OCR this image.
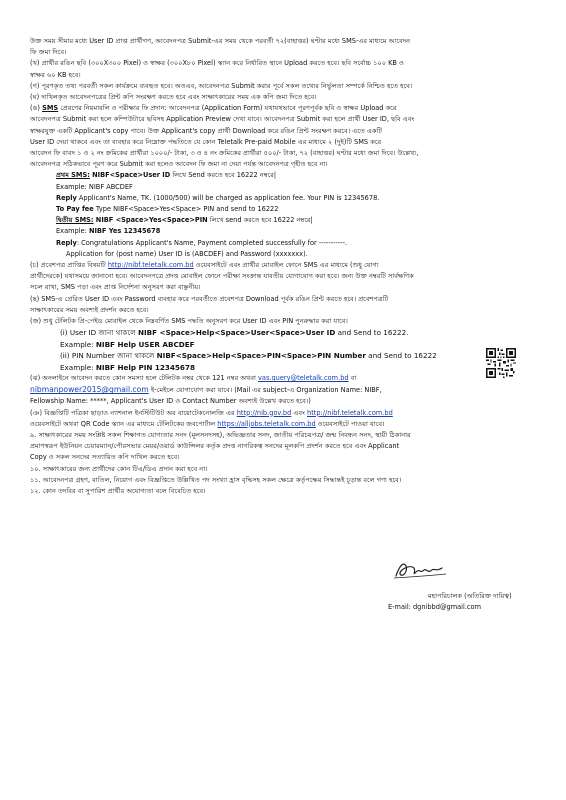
উক্ত সময় সীমার মধ্যে User ID প্রাপ্ত প্রার্থীগণ, আবেদনপত্র Submit-এর সময় থেকে পরবর্তী ৭২(বাহাত্তর) ঘণ্টার মধ্যে SMS-এর মাধ্যমে আবেদন

ফি জমা দিবে।

(খ) প্রার্থীর রঙিন ছবি (৩০০X৩০০ Pixel) ও স্বাক্ষর (৩০০X৮০ Pixel) স্ক্যান করে নির্ধারিত স্থানে Upload করতে হবে। ছবি সর্বোচ্চ ১০০ KB ও

স্বাক্ষর ৬০ KB হবে।

(গ) পূরণকৃত তথ্য পরবর্তী সকল কার্যক্রমে ব্যবহৃত হবে। অতএব, আবেদনপত্র Submit করার পূর্বে সকল তথ্যের নির্ভুলতা সম্পর্কে নিশ্চিত হতে হবে।

(ঘ) দাখিলকৃত আবেদনপত্রের প্রিন্ট কপি সংরক্ষণ করতে হবে এবং সাক্ষাৎকারের সময় এক কপি জমা দিতে হবে।

(ঙ) SMS প্রেরণের নিয়মাবলি ও পরীক্ষার ফি প্রদান: আবেদনপত্র (Application Form) যথাযথভাবে পূরণপূর্বক ছবি ও স্বাক্ষর Upload করে

আবেদনপত্র Submit করা হলে কম্পিউটারে ছবিসহ Application Preview দেখা যাবে। আবেদনপত্র Submit করা হলে প্রার্থী User ID, ছবি এবং

স্বাক্ষরযুক্ত একটি Applicant's copy পাবে। উক্ত Applicant's copy প্রার্থী Download করে রঙিন প্রিন্ট সংরক্ষণ করবে। এতে একটি

User ID দেয়া থাকবে এবং তা ব্যবহার করে নিম্নোক্ত পদ্ধতিতে যে কোন Teletalk Pre-paid Mobile এর মাধ্যমে ২ (দুই)টি SMS করে

আবেদন ফি বাবদ ১ ও ২ নং ক্রমিকের প্রার্থীরা ১০০০/- টাকা, ৩ ও ৪ নং ক্রমিকের প্রার্থীরা ৫০০/- টাকা, ৭২ (বাহাত্তর) ঘণ্টার মধ্যে জমা দিবে। উল্লেখ্য,

আবেদনপত্র সঠিকভাবে পূরণ করে Submit করা হলেও আবেদন ফি জমা না দেয়া পর্যন্ত আবেদনপত্র গৃহীত হবে না।

প্রথম SMS: NIBF<Space>User ID লিখে Send করতে হবে 16222 নম্বরে|

Example: NIBF ABCDEF

Reply Applicant's Name, TK. (1000/500) will be charged as application fee. Your PIN is 12345678.

To Pay fee Type NIBF<Space>Yes<Space> PIN and send to 16222

দ্বিতীয় SMS: NIBF <Space>Yes<Space>PIN লিখে send করতে হবে 16222 নম্বরে|

Example: NIBF Yes 12345678

Reply: Congratulations Applicant's Name, Payment completed successfully for -----------.

Application for (post name) User ID is (ABCDEF) and Password (xxxxxxx).

(চ) প্রবেশপত্র প্রাপ্তির বিষয়টি http://nibf.teletalk.com.bd ওয়েবসাইটে এবং প্রার্থীর মোবাইল ফোনে SMS এর মাধ্যমে (শুধু যোগ্য

প্রার্থীদেরকে) যথাসময়ে জানানো হবে। আবেদনপত্রে প্রদত্ত মোবাইল ফোনে পরীক্ষা সংক্রান্ত যাবতীয় যোগাযোগ করা হবে। জন্য উক্ত নম্বরটি সার্বক্ষণিক

সচল রাখা, SMS পড়া এবং প্রাপ্ত নির্দেশনা অনুসরণ করা বাঞ্ছনীয়।

(ছ) SMS-এ প্রেরিত User ID এবং Password ব্যবহার করে পরবর্তীতে প্রবেশপত্র Download পূর্বক রঙিন প্রিন্ট করতে হবে। প্রবেশপত্রটি

সাক্ষাৎকারের সময় অবশ্যই প্রদর্শন করতে হবে।

(জ) শুধু টেলিটক প্রি-পেইড মোবাইল থেকে নিম্নবর্ণিত SMS পদ্ধতি অনুসরণ করে User ID এবং PIN পুনরুদ্ধার করা যাবে।

(i) User ID জানা থাকলে NIBF <Space>Help<Space>User<Space>User ID and Send to 16222.

Example: NIBF Help USER ABCDEF

(ii) PIN Number জানা থাকলে NIBF<Space>Help<Space>PIN<Space>PIN Number and Send to 16222

Example: NIBF Help PIN 12345678

(ঝ) অনলাইনে আবেদন করতে কোন সমস্যা হলে টেলিটক নম্বর থেকে 121 নম্বর অথবা vas.query@teletalk.com.bd বা

nibmanpower2015@gmail.com ই-মেইলে যোগাযোগ করা যাবে। (Mail এর subject-এ Organization Name: NIBF,

Fellowship Name: *****, Applicant's User ID ও Contact Number অবশ্যই উল্লেখ করতে হবে।)

(ঞ) বিজ্ঞপ্তিটি পত্রিকা ছাড়াও ন্যাশনাল ইনস্টিটিউট অব বায়োটেকনোলজি এর http://nib.gov.bd এবং http://nibf.teletalk.com.bd

ওয়েবসাইটে অথবা QR Code স্ক্যান এর মাধ্যমে টেলিটকের জবপোর্টাল https://alljobs.teletalk.com.bd ওয়েবসাইটে পাওয়া যাবে।

৯. সাক্ষাৎকারের সময় সংশ্লিষ্ট সকল শিক্ষাগত যোগ্যতার সনদ (মূলসনদসহ), অভিজ্ঞতার সনদ, জাতীয় পরিচয়পত্র/ জন্ম নিবন্ধন সনদ, স্থায়ী ঠিকানার

প্রমাণস্বরূপ ইউনিয়ন চেয়ারম্যান/পৌরসভার মেয়র/ওয়ার্ড কাউন্সিলর কর্তৃক প্রদত্ত নাগরিকত্ব সনদের মূলকপি প্রদর্শন করতে হবে এবং Applicant

Copy ও সকল সনদের সত্যায়িত কপি দাখিল করতে হবে।

১০. সাক্ষাৎকারের জন্য প্রার্থীদের কোন টিএ/ডিএ প্রদান করা হবে না।

১১. আবেদনপত্র গ্রহণ, বাতিল, নিয়োগ এবং বিজ্ঞপ্তিতে উল্লিখিত পদ সংখ্যা হ্রাস বৃদ্ধিসহ সকল ক্ষেত্রে কর্তৃপক্ষের সিদ্ধান্তই চূড়ান্ত বলে গণ্য হবে।

১২. কোন তদবির বা সুপারিশ প্রার্থীর অযোগ্যতা বলে বিবেচিত হবে।

মহাপরিচালক (অতিরিক্ত দায়িত্ব)
E-mail: dgnibbd@gmail.com
